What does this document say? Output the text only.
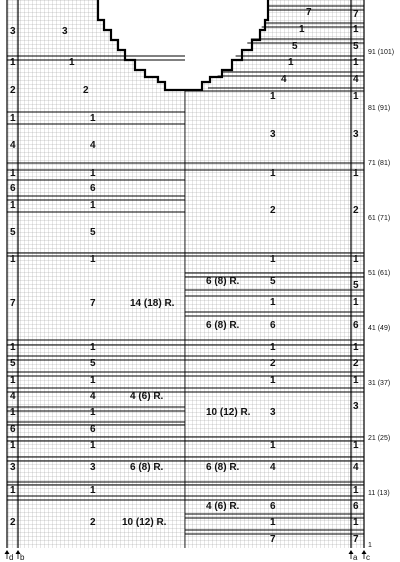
3
1
2
1
4
1
6
1
5
1
7
1
5
1
4
1
6
1
3
1
2
3
1
2
1
4
1
6
1
5
1
7
1
5
1
4
1
6
1
3
1
2
7
1
5
1
4
1
3
1
2
1
5
1
6
1
2
1
3
1
4
6
1
7
7
1
5
1
4
1
3
1
2
1
5
1
6
1
2
1
3
1
4
1
6
1
7
14 (18) R.
6 (8) R.
6 (8) R.
4 (6) R.
10 (12) R.
6 (8) R.	6 (8) R.
4 (6) R.
10 (12) R.
91 (101)
81 (91)
71 (81)
61 (71)
51 (61)
41 (49)
31 (37)
21 (25)
11 (13)
1
d b	a c
